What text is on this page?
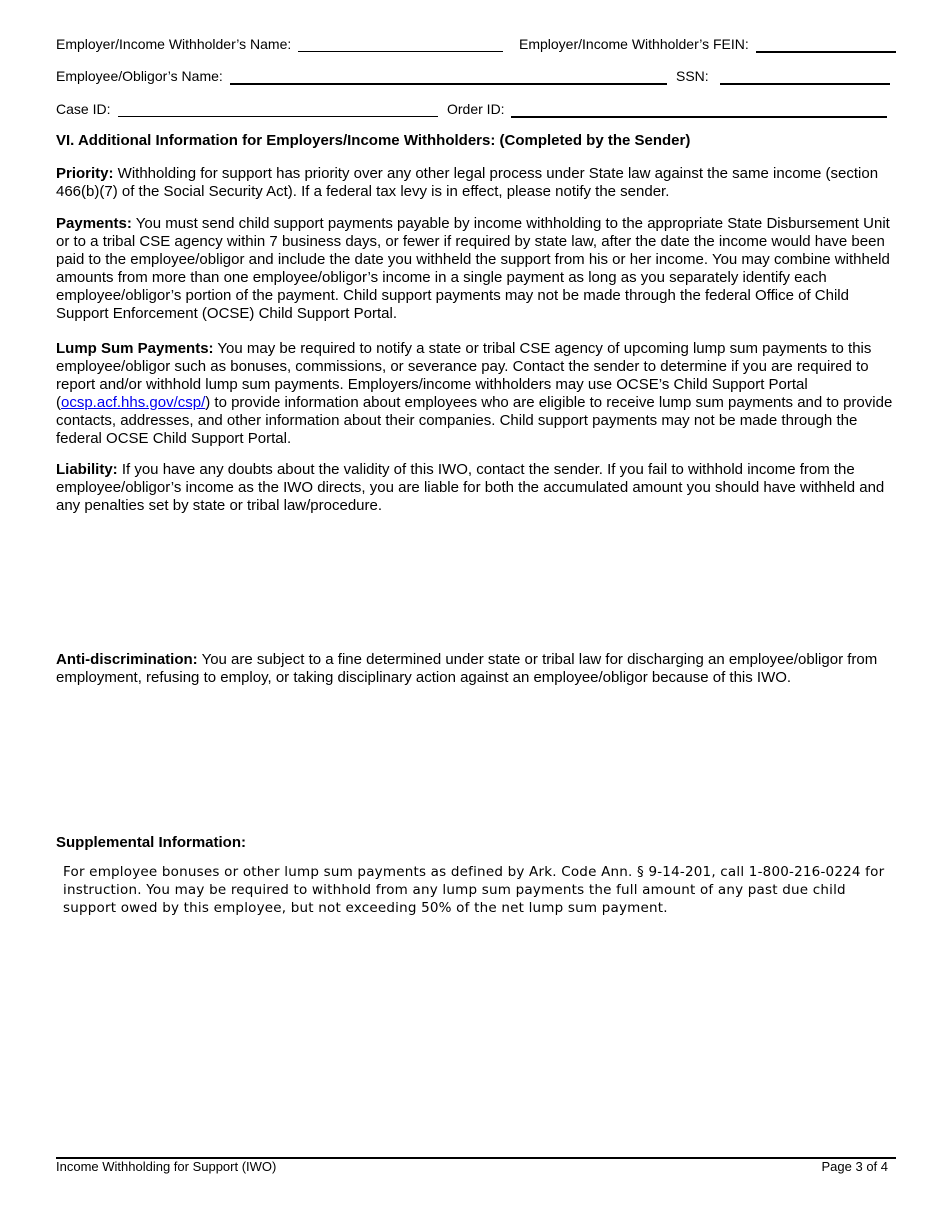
Employer/Income Withholder’s Name:	Employer/Income Withholder’s FEIN:
Employee/Obligor’s Name:	SSN:
Case ID:	Order ID:
VI. Additional Information for Employers/Income Withholders: (Completed by the Sender)
Priority: Withholding for support has priority over any other legal process under State law against the same income (section 466(b)(7) of the Social Security Act). If a federal tax levy is in effect, please notify the sender.
Payments: You must send child support payments payable by income withholding to the appropriate State Disbursement Unit or to a tribal CSE agency within 7 business days, or fewer if required by state law, after the date the income would have been paid to the employee/obligor and include the date you withheld the support from his or her income. You may combine withheld amounts from more than one employee/obligor’s income in a single payment as long as you separately identify each employee/obligor’s portion of the payment. Child support payments may not be made through the federal Office of Child Support Enforcement (OCSE) Child Support Portal.
Lump Sum Payments: You may be required to notify a state or tribal CSE agency of upcoming lump sum payments to this employee/obligor such as bonuses, commissions, or severance pay. Contact the sender to determine if you are required to report and/or withhold lump sum payments. Employers/income withholders may use OCSE’s Child Support Portal (ocsp.acf.hhs.gov/csp/) to provide information about employees who are eligible to receive lump sum payments and to provide contacts, addresses, and other information about their companies. Child support payments may not be made through the federal OCSE Child Support Portal.
Liability: If you have any doubts about the validity of this IWO, contact the sender. If you fail to withhold income from the employee/obligor’s income as the IWO directs, you are liable for both the accumulated amount you should have withheld and any penalties set by state or tribal law/procedure.
Anti-discrimination: You are subject to a fine determined under state or tribal law for discharging an employee/obligor from employment, refusing to employ, or taking disciplinary action against an employee/obligor because of this IWO.
Supplemental Information:
For employee bonuses or other lump sum payments as defined by Ark. Code Ann. § 9-14-201, call 1-800-216-0224 for instruction. You may be required to withhold from any lump sum payments the full amount of any past due child support owed by this employee, but not exceeding 50% of the net lump sum payment.
Income Withholding for Support (IWO)	Page 3 of 4
